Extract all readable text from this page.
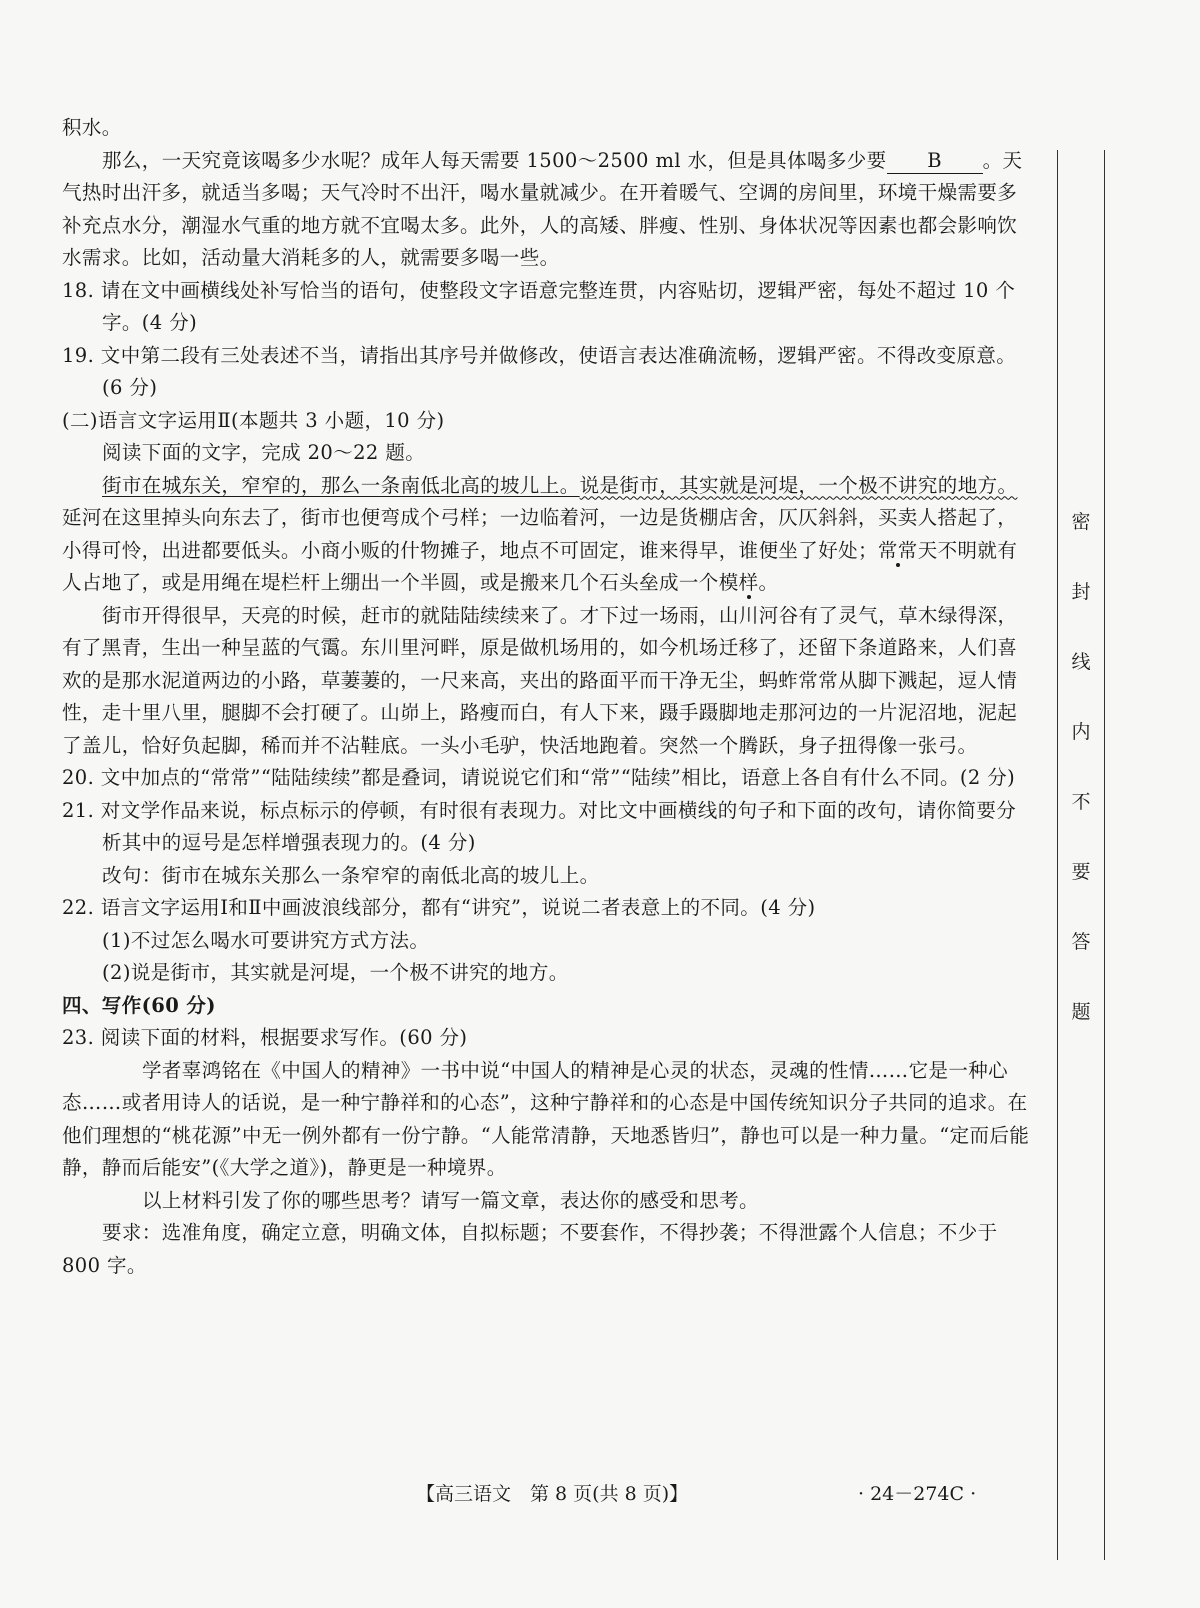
积水。

那么，一天究竟该喝多少水呢？成年人每天需要 1500～2500 ml 水，但是具体喝多少要 B 。天气热时出汗多，就适当多喝；天气冷时不出汗，喝水量就减少。在开着暖气、空调的房间里，环境干燥需要多补充点水分，潮湿水气重的地方就不宜喝太多。此外，人的高矮、胖瘦、性别、身体状况等因素也都会影响饮水需求。比如，活动量大消耗多的人，就需要多喝一些。

18. 请在文中画横线处补写恰当的语句，使整段文字语意完整连贯，内容贴切，逻辑严密，每处不超过 10 个字。(4 分)

19. 文中第二段有三处表述不当，请指出其序号并做修改，使语言表达准确流畅，逻辑严密。不得改变原意。(6 分)

(二)语言文字运用Ⅱ(本题共 3 小题，10 分)

阅读下面的文字，完成 20～22 题。

街市在城东关，窄窄的，那么一条南低北高的坡儿上。说是街市，其实就是河堤，一个极不讲究的地方。延河在这里掉头向东去了，街市也便弯成个弓样；一边临着河，一边是货棚店舍，仄仄斜斜，买卖人搭起了，小得可怜，出进都要低头。小商小贩的什物摊子，地点不可固定，谁来得早，谁便坐了好处；常常天不明就有人占地了，或是用绳在堤栏杆上绷出一个半圆，或是搬来几个石头垒成一个模样。

街市开得很早，天亮的时候，赶市的就陆陆续续来了。才下过一场雨，山川河谷有了灵气，草木绿得深，有了黑青，生出一种呈蓝的气霭。东川里河畔，原是做机场用的，如今机场迁移了，还留下条道路来，人们喜欢的是那水泥道两边的小路，草萋萋的，一尺来高，夹出的路面平而干净无尘，蚂蚱常常从脚下溅起，逗人情性，走十里八里，腿脚不会打硬了。山峁上，路瘦而白，有人下来，蹑手蹑脚地走那河边的一片泥沼地，泥起了盖儿，恰好负起脚，稀而并不沾鞋底。一头小毛驴，快活地跑着。突然一个腾跃，身子扭得像一张弓。

20. 文中加点的“常常”“陆陆续续”都是叠词，请说说它们和“常”“陆续”相比，语意上各自有什么不同。(2 分)

21. 对文学作品来说，标点标示的停顿，有时很有表现力。对比文中画横线的句子和下面的改句，请你简要分析其中的逗号是怎样增强表现力的。(4 分)

改句：街市在城东关那么一条窄窄的南低北高的坡儿上。

22. 语言文字运用Ⅰ和Ⅱ中画波浪线部分，都有“讲究”，说说二者表意上的不同。(4 分)

(1)不过怎么喝水可要讲究方式方法。

(2)说是街市，其实就是河堤，一个极不讲究的地方。

四、写作(60 分)

23. 阅读下面的材料，根据要求写作。(60 分)

学者辜鸿铭在《中国人的精神》一书中说“中国人的精神是心灵的状态，灵魂的性情……它是一种心态……或者用诗人的话说，是一种宁静祥和的心态”，这种宁静祥和的心态是中国传统知识分子共同的追求。在他们理想的“桃花源”中无一例外都有一份宁静。“人能常清静，天地悉皆归”，静也可以是一种力量。“定而后能静，静而后能安”(《大学之道》)，静更是一种境界。

以上材料引发了你的哪些思考？请写一篇文章，表达你的感受和思考。

要求：选准角度，确定立意，明确文体，自拟标题；不要套作，不得抄袭；不得泄露个人信息；不少于 800 字。

密
封
线
内
不
要
答
题
【高三语文　第 8 页(共 8 页)】	· 24－274C ·
